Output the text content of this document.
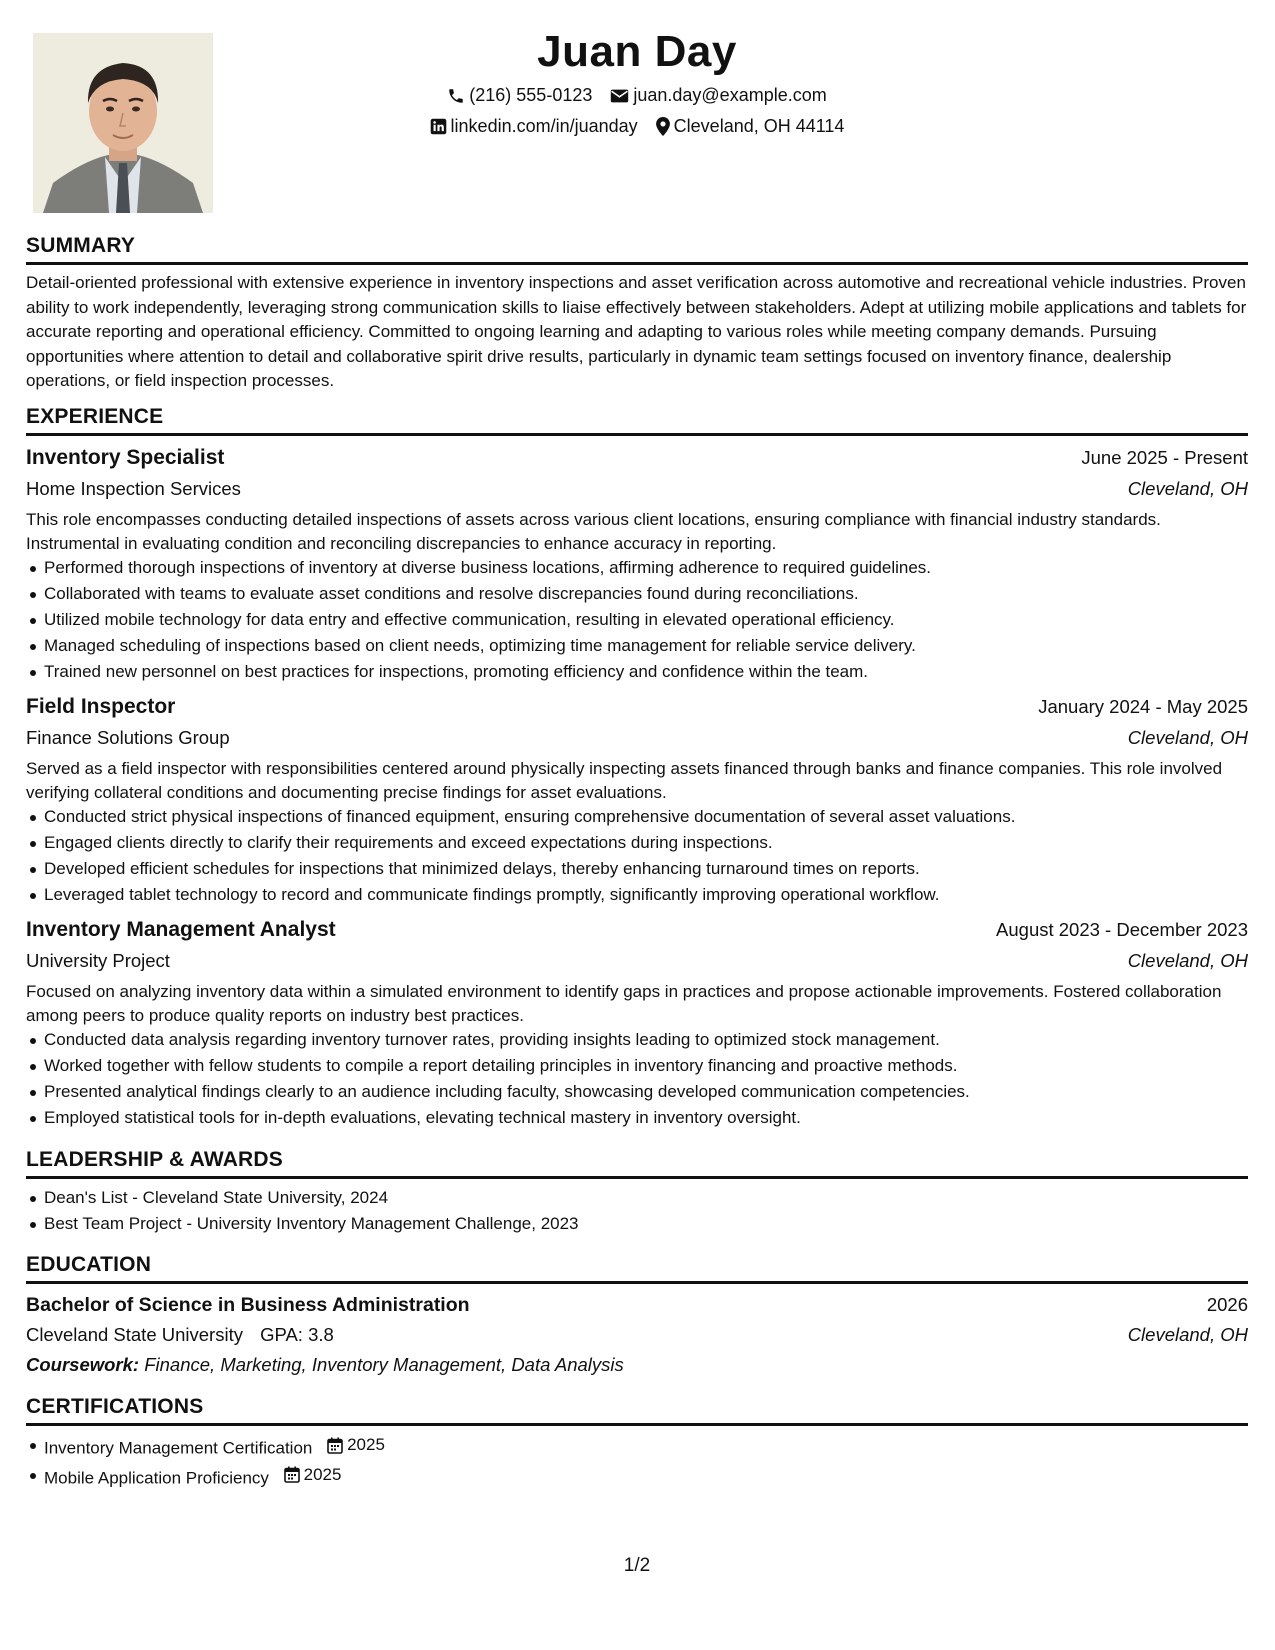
Juan Day
(216) 555-0123 juan.day@example.com
linkedin.com/in/juanday Cleveland, OH 44114
SUMMARY

Detail-oriented professional with extensive experience in inventory inspections and asset verification across automotive and recreational vehicle industries. Proven ability to work independently, leveraging strong communication skills to liaise effectively between stakeholders. Adept at utilizing mobile applications and tablets for accurate reporting and operational efficiency. Committed to ongoing learning and adapting to various roles while meeting company demands. Pursuing opportunities where attention to detail and collaborative spirit drive results, particularly in dynamic team settings focused on inventory finance, dealership operations, or field inspection processes.

EXPERIENCE
Inventory Specialist	June 2025 - Present
Home Inspection Services	Cleveland, OH

This role encompasses conducting detailed inspections of assets across various client locations, ensuring compliance with financial industry standards. Instrumental in evaluating condition and reconciling discrepancies to enhance accuracy in reporting.

Performed thorough inspections of inventory at diverse business locations, affirming adherence to required guidelines.
Collaborated with teams to evaluate asset conditions and resolve discrepancies found during reconciliations.
Utilized mobile technology for data entry and effective communication, resulting in elevated operational efficiency.
Managed scheduling of inspections based on client needs, optimizing time management for reliable service delivery.
Trained new personnel on best practices for inspections, promoting efficiency and confidence within the team.
Field Inspector	January 2024 - May 2025
Finance Solutions Group	Cleveland, OH

Served as a field inspector with responsibilities centered around physically inspecting assets financed through banks and finance companies. This role involved verifying collateral conditions and documenting precise findings for asset evaluations.

Conducted strict physical inspections of financed equipment, ensuring comprehensive documentation of several asset valuations.
Engaged clients directly to clarify their requirements and exceed expectations during inspections.
Developed efficient schedules for inspections that minimized delays, thereby enhancing turnaround times on reports.
Leveraged tablet technology to record and communicate findings promptly, significantly improving operational workflow.
Inventory Management Analyst	August 2023 - December 2023
University Project	Cleveland, OH

Focused on analyzing inventory data within a simulated environment to identify gaps in practices and propose actionable improvements. Fostered collaboration among peers to produce quality reports on industry best practices.

Conducted data analysis regarding inventory turnover rates, providing insights leading to optimized stock management.
Worked together with fellow students to compile a report detailing principles in inventory financing and proactive methods.
Presented analytical findings clearly to an audience including faculty, showcasing developed communication competencies.
Employed statistical tools for in-depth evaluations, elevating technical mastery in inventory oversight.
LEADERSHIP & AWARDS
Dean's List - Cleveland State University, 2024
Best Team Project - University Inventory Management Challenge, 2023
EDUCATION
Bachelor of Science in Business Administration	2026
Cleveland State University GPA: 3.8	Cleveland, OH
Coursework: Finance, Marketing, Inventory Management, Data Analysis
CERTIFICATIONS
Inventory Management Certification 2025
Mobile Application Proficiency 2025
1/2
